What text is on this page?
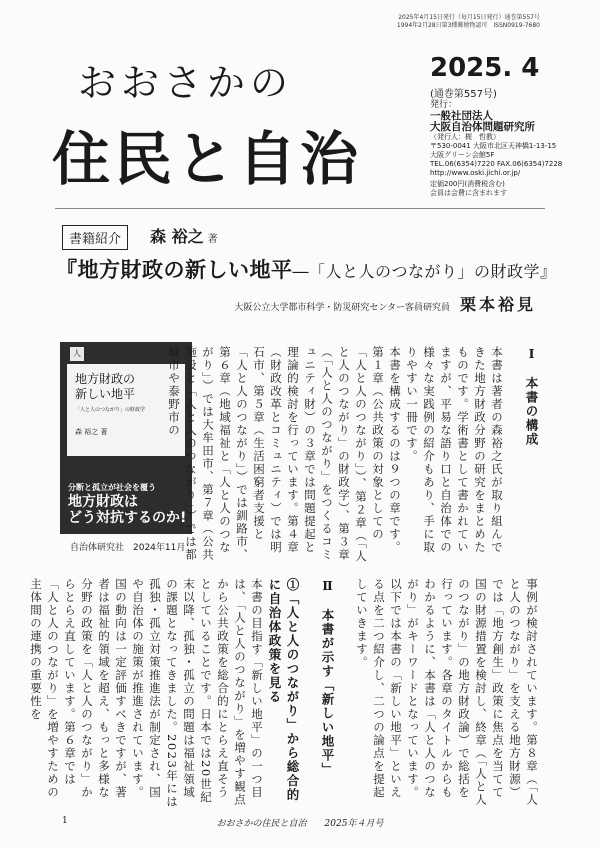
2025年4月15日発行（毎月15日発行）通巻第557号
1994年2月28日第3種郵便物認可　ISSN0919-7680
おおさかの
住民と自治
2025. 4
(通巻第557号)
発行：
一般社団法人
大阪自治体問題研究所
（発行人：梶　哲教）
〒530-0041 大阪市北区天神橋1-13-15
大阪グリーン会館5F
TEL.06(6354)7220 FAX.06(6354)7228
http://www.oski.jichi.or.jp/
定価200円(消費税含む)
会員は会費に含まれます
書籍紹介	森 裕之 著
『地方財政の新しい地平―「人と人のつながり」の財政学』
大阪公立大学都市科学・防災研究センター客員研究員 栗本裕見
人
地方財政の
新しい地平
「人と人のつながり」の財政学
森 裕之 著
分断と孤立が社会を覆う
地方財政は
どう対抗するのか!
自治体研究社　2024年11月
Ⅰ　本書の構成

本書は著者の森裕之氏が取り組んできた地方財政分野の研究をまとめたものです。学術書として書かれていますが、平易な語り口と自治体での様々な実践例の紹介もあり、手に取りやすい一冊です。
本書を構成するのは９つの章です。第１章（公共政策の対象としての「人と人のつながり」）、第２章（「人と人のつながり」の財政学）、第３章（「人と人のつながり」をつくるコミュニティ財）の３章では問題提起と理論的検討を行っています。第４章（財政改革とコミュニティ）では明石市、第５章（生活困窮者支援と「人と人のつながり」）では釧路市、第６章（地域福祉と「人と人のつながり」）では大牟田市、第７章（公共施設と「人と人のつながり」）では都城市や泰野市の
事例が検討されています。第８章（「人と人のつながり」を支える地方財源）では「地方創生」政策に焦点を当てて国の財源措置を検討し、終章（「人と人のつながり」の地方財政論）で総括を行っています。各章のタイトルからもわかるように、本書は「人と人のつながり」がキーワードとなっています。
以下では本書の「新しい地平」といえる点を二つ紹介し、二つの論点を提起していきます。

Ⅱ　本書が示す「新しい地平」

①「人と人のつながり」から総合的に自治体政策を見る
本書の目指す「新しい地平」の一つ目は、「人と人のつながり」を増やす観点から公共政策を総合的にとらえ直そうとしていることです。日本では20世紀末以降、孤独・孤立の問題は福祉領域の課題となってきました。2023年には孤独・孤立対策推進法が制定され、国や自治体の施策が推進されています。国の動向は一定評価すべきですが、著者は福祉的領域を超え、もっと多様な分野の政策を「人と人のつながり」からとらえ直しています。第６章では「人と人のつながり」を増やすための主体間の連携の重要性を
1	おおさかの住民と自治　　2025年４月号
